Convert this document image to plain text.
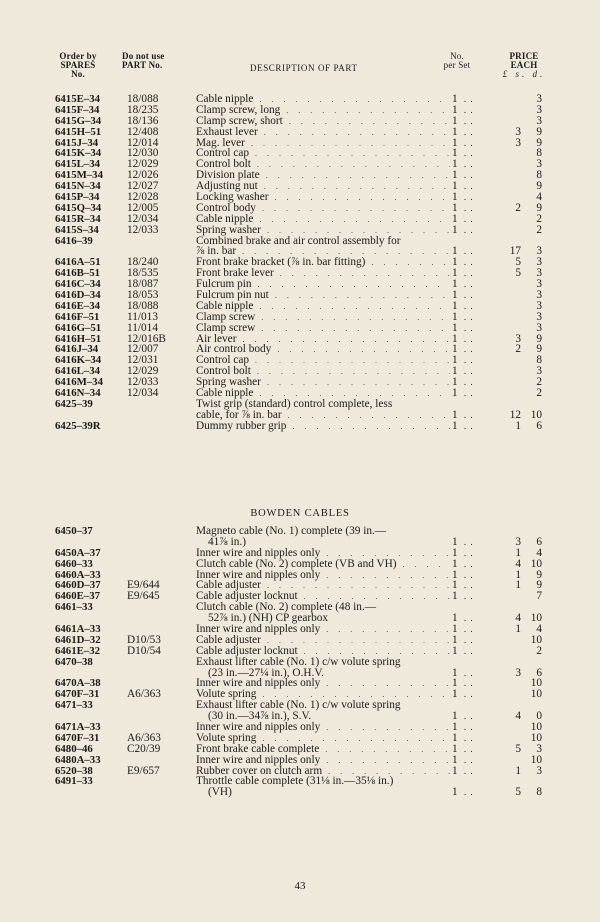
Order by
SPARES
No.
Do not use
PART No.	DESCRIPTION OF PART
No.
per Set
PRICE
EACH
£ s. d.
6415E–34 18/088	Cable nipple . . .	1 . .	3
6415F–34 18/235	Clamp screw, long . . .	1 . .	3
6415G–34 18/136	Clamp screw, short . . .	1 . .	3
6415H–51 12/408	Exhaust lever . . .	1 . .	3	9
6415J–34	12/014	Mag. lever . . .	1 . .	3	9
6415K–34 12/030	Control cap . . .	1 . .	8
6415L–34 12/029	Control bolt . . .	1 . .	3
6415M–34 12/026	Division plate . . .	1 . .	8
6415N–34 12/027	Adjusting nut . . .	1 . .	9
6415P–34 12/028	Locking washer . . .	1 . .	4
6415Q–34 12/005	Control body . . .	1 . .	2	9
6415R–34 12/034	Cable nipple . . .	1 . .	2
6415S–34 12/033	Spring washer . . .	1 . .	2
6416–39	Combined brake and air control assembly for
⅞ in. bar . . .	1 . .	17	3
6416A–51 18/240	Front brake bracket (⅞ in. bar fitting) . . .	1 . .	5	3
6416B–51 18/535	Front brake lever . . .	1 . .	5	3
6416C–34 18/087	Fulcrum pin . . .	1 . .	3
6416D–34 18/053	Fulcrum pin nut . . .	1 . .	3
6416E–34 18/088	Cable nipple . . .	1 . .	3
6416F–51 11/013	Clamp screw . . .	1 . .	3
6416G–51 11/014	Clamp screw . . .	1 . .	3
6416H–51 12/016B	Air lever . . .	1 . .	3	9
6416J–34	12/007	Air control body . . .	1 . .	2	9
6416K–34 12/031	Control cap . . .	1 . .	8
6416L–34 12/029	Control bolt . . .	1 . .	3
6416M–34 12/033	Spring washer . . .	1 . .	2
6416N–34 12/034	Cable nipple . . .	1 . .	2
6425–39	Twist grip (standard) control complete, less
cable, for ⅞ in. bar . . .	1 . .	12 10
6425–39R	Dummy rubber grip . . .	1 . .	1	6
BOWDEN CABLES
6450–37	Magneto cable (No. 1) complete (39 in.—
41⅞ in.)	1 . .	3	6
6450A–37	Inner wire and nipples only . . .	1 . .	1	4
6460–33	Clutch cable (No. 2) complete (VB and VH) . . .	1 . .	4 10
6460A–33	Inner wire and nipples only . . .	1 . .	1	9
6460D–37 E9/644	Cable adjuster . . .	1 . .	1	9
6460E–37 E9/645	Cable adjuster locknut . . .	1 . .	7
6461–33	Clutch cable (No. 2) complete (48 in.—
52⅞ in.) (NH) CP gearbox	1 . .	4 10
6461A–33	Inner wire and nipples only . . .	1 . .	1	4
6461D–32 D10/53	Cable adjuster . . .	1 . .	10
6461E–32 D10/54	Cable adjuster locknut . . .	1 . .	2
6470–38	Exhaust lifter cable (No. 1) c/w volute spring
(23 in.—27¼ in.), O.H.V.	1 . .	3	6
6470A–38	Inner wire and nipples only . . .	1 . .	10
6470F–31 A6/363	Volute spring . . .	1 . .	10
6471–33	Exhaust lifter cable (No. 1) c/w volute spring
(30 in.—34⅞ in.), S.V.	1 . .	4	0
6471A–33	Inner wire and nipples only . . .	1 . .	10
6470F–31 A6/363	Volute spring . . .	1 . .	10
6480–46	C20/39	Front brake cable complete . . .	1 . .	5	3
6480A–33	Inner wire and nipples only . . .	1 . .	10
6520–38	E9/657	Rubber cover on clutch arm . . .	1 . .	1	3
6491–33	Throttle cable complete (31⅛ in.—35⅛ in.)
(VH)	1 . .	5	8
43
